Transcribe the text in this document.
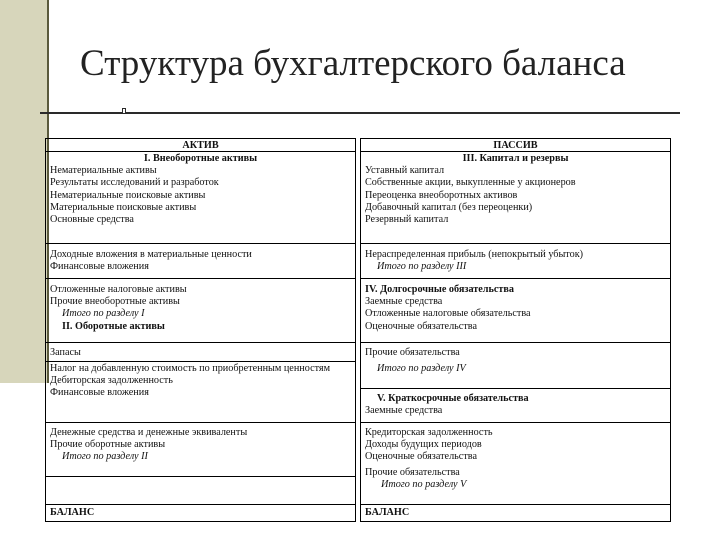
Структура бухгалтерского баланса
АКТИВ
I. Внеоборотные активы
Нематериальные активы
Результаты исследований и разработок
Нематериальные поисковые активы
Материальные поисковые активы
Основные средства
Доходные вложения в материальные ценности
Финансовые вложения
Отложенные налоговые активы
Прочие внеоборотные активы
Итого по разделу I
II. Оборотные активы
Запасы
Налог на добавленную стоимость по приобретенным ценностям
Дебиторская задолженность
Финансовые вложения
Денежные средства и денежные эквиваленты
Прочие оборотные активы
Итого по разделу II
БАЛАНС
ПАССИВ
III. Капитал и резервы
Уставный капитал
Собственные акции, выкупленные у акционеров
Переоценка внеоборотных активов
Добавочный капитал (без переоценки)
Резервный капитал
Нераспределенная прибыль (непокрытый убыток)
Итого по разделу III
IV. Долгосрочные обязательства
Заемные средства
Отложенные налоговые обязательства
Оценочные обязательства
Прочие обязательства
Итого по разделу IV
V. Краткосрочные обязательства
Заемные средства
Кредиторская задолженность
Доходы будущих периодов
Оценочные обязательства
Прочие обязательства
Итого по разделу V
БАЛАНС
